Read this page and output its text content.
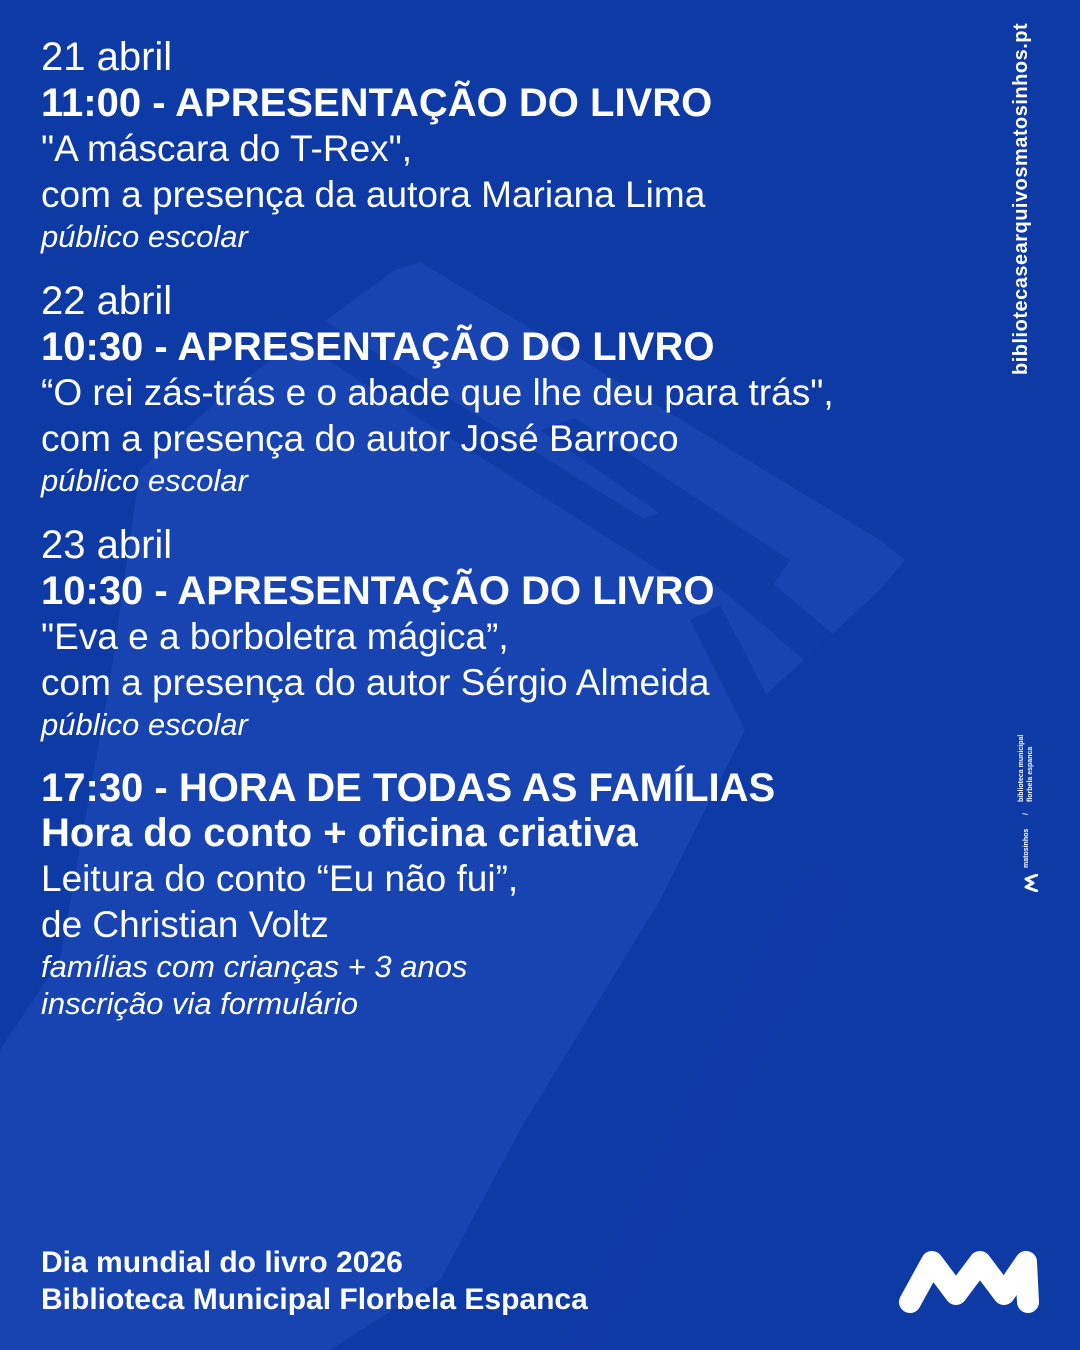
21 abril
11:00 - APRESENTAÇÃO DO LIVRO
"A máscara do T-Rex",
com a presença da autora Mariana Lima
público escolar
22 abril
10:30 - APRESENTAÇÃO DO LIVRO
“O rei zás-trás e o abade que lhe deu para trás",
com a presença do autor José Barroco
público escolar
23 abril
10:30 - APRESENTAÇÃO DO LIVRO
"Eva e a borboletra mágica”,
com a presença do autor Sérgio Almeida
público escolar
17:30 - HORA DE TODAS AS FAMÍLIAS
Hora do conto + oficina criativa
Leitura do conto “Eu não fui”,
de Christian Voltz
famílias com crianças + 3 anos
inscrição via formulário
bibliotecasearquivosmatosinhos.pt
matosinhos
/
biblioteca municipal florbela espanca
Dia mundial do livro 2026
Biblioteca Municipal Florbela Espanca
